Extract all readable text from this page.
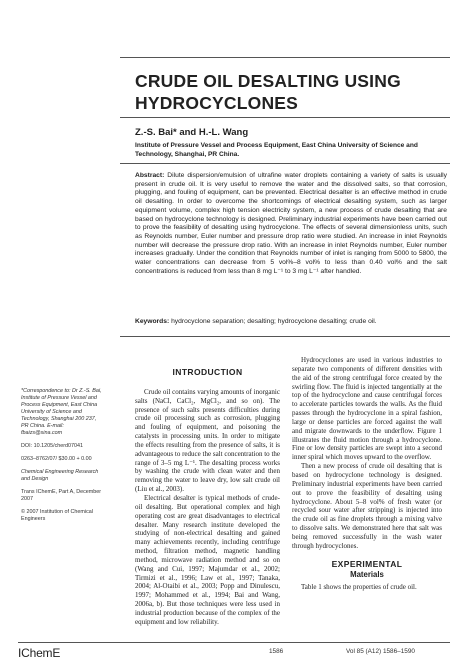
CRUDE OIL DESALTING USING
HYDROCYCLONES
Z.-S. Bai* and H.-L. Wang
Institute of Pressure Vessel and Process Equipment, East China University of Science and Technology, Shanghai, PR China.
Abstract: Dilute dispersion/emulsion of ultrafine water droplets containing a variety of salts is usually present in crude oil. It is very useful to remove the water and the dissolved salts, so that corrosion, plugging, and fouling of equipment, can be prevented. Electrical desalter is an effective method in crude oil desalting. In order to overcome the shortcomings of electrical desalting system, such as larger equipment volume, complex high tension electricity system, a new process of crude desalting that are based on hydrocyclone technology is designed. Preliminary industrial experiments have been carried out to prove the feasibility of desalting using hydrocyclone. The effects of several dimensionless units, such as Reynolds number, Euler number and pressure drop ratio were studied. An increase in inlet Reynolds number will decrease the pressure drop ratio. With an increase in inlet Reynolds number, Euler number increases gradually. Under the condition that Reynolds number of inlet is ranging from 5000 to 5800, the water concentrations can decrease from 5 vol%–8 vol% to less than 0.40 vol% and the salt concentrations is reduced from less than 8 mg L⁻¹ to 3 mg L⁻¹ after handled.
Keywords: hydrocyclone separation; desalting; hydrocyclone desalting; crude oil.

*Correspondence to: Dr Z.-S. Bai, Institute of Pressure Vessel and Process Equipment, East China University of Science and Technology, Shanghai 200 237, PR China. E-mail: fbaizs@sina.com

DOI: 10.1205/cherd07041

0263–8762/07/ $30.00 + 0.00

Chemical Engineering Research and Design

Trans IChemE, Part A, December 2007

© 2007 Institution of Chemical Engineers

INTRODUCTION

Crude oil contains varying amounts of inorganic salts (NaCl, CaCl₂, MgCl₂, and so on). The presence of such salts presents difficulties during crude oil processing such as corrosion, plugging and fouling of equipment, and poisoning the catalysts in processing units. In order to mitigate the effects resulting from the presence of salts, it is advantageous to reduce the salt concentration to the range of 3–5 mg L⁻¹. The desalting process works by washing the crude with clean water and then removing the water to leave dry, low salt crude oil (Liu et al., 2003).

Electrical desalter is typical methods of crude-oil desalting. But operational complex and high operating cost are great disadvantages to electrical desalter. Many research institute developed the studying of non-electrical desalting and gained many achievements recently, including centrifuge method, filtration method, magnetic handling method, microwave radiation method and so on (Wang and Cui, 1997; Majumdar et al., 2002; Tirmizi et al., 1996; Law et al., 1997; Tanaka, 2004; Al-Otaibi et al., 2003; Popp and Dinulescu, 1997; Mohammed et al., 1994; Bai and Wang, 2006a, b). But those techniques were less used in industrial production because of the complex of the equipment and low reliability.

Hydrocyclones are used in various industries to separate two components of different densities with the aid of the strong centrifugal force created by the swirling flow. The fluid is injected tangentially at the top of the hydrocyclone and cause centrifugal forces to accelerate particles towards the walls. As the fluid passes through the hydrocyclone in a spiral fashion, large or dense particles are forced against the wall and migrate downwards to the underflow. Figure 1 illustrates the fluid motion through a hydrocyclone. Fine or low density particles are swept into a second inner spiral which moves upward to the overflow.

Then a new process of crude oil desalting that is based on hydrocyclone technology is designed. Preliminary industrial experiments have been carried out to prove the feasibility of desalting using hydrocyclone. About 5–8 vol% of fresh water (or recycled sour water after stripping) is injected into the crude oil as fine droplets through a mixing valve to dissolve salts. We demonstrated here that salt was being removed successfully in the wash water through hydrocyclones.

EXPERIMENTAL
Materials

Table 1 shows the properties of crude oil.

IChemE	1586	Vol 85 (A12) 1586–1590
